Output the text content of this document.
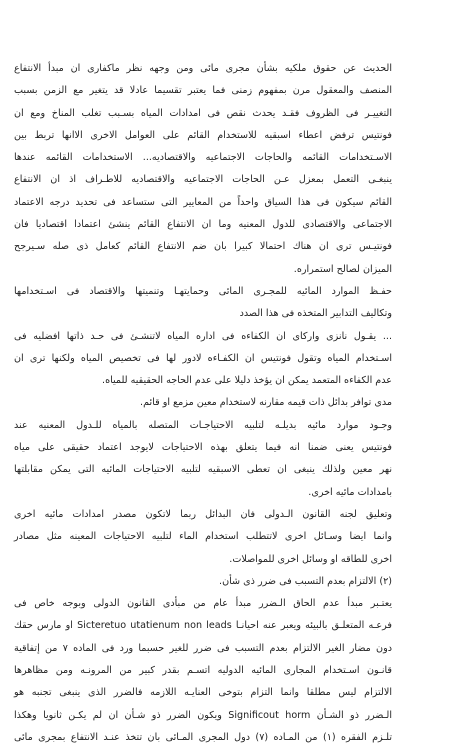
الحديث عن حقوق ملكيه بشأن مجرى مائى ومن وجهه نظر ماكفارى ان مبدأ الانتفاع
المنصف والمعقول مرن بمفهوم زمنى فما يعتبر تقسيما عادلا قد يتغير مع الزمن بسبب
التغييـر فى الظروف فقـد يحدث نقص فى امدادات المياه بسـبب تغلب المناخ ومع ان
فونتيس ترفض اعطاء اسبقيه للاستخدام القائم على العوامل الاخرى الاانها تربط بين
الاسـتخدامات القائمه والحاجات الاجتماعيه والاقتصاديه... الاستخدامات القائمه عندها
ينبغـى التعمل بمعزل عـن الحاجات الاجتماعيه والاقتصاديه للاطـراف اذ ان الانتفاع
القائم سيكون فى هذا السياق واحداً من المعايير التى ستساعد فى تحديد درجه الاعتماد
الاجتماعى والاقتصادى للدول المعنيه وما ان الانتفاع القائم ينشئ اعتمادا اقتصاديا فان
فونتيـس ترى ان هناك احتمالا كبيرا بان ضم الانتفاع القائم كعامل ذى صله سـيرجح
الميزان لصالح استمراره.
حفـظ الموارد المائيه للمجـرى المائى وحمايتهـا وتنميتها والاقتصاد فى اسـتخدامها
وتكاليف التدابير المتخذه فى هذا الصدد
... يقـول نانزى واركاى ان الكفاءه فى اداره المياه لاتنشـئ فى حـد ذاتها افضليه فى
اسـتخدام المياه وتقول فونتيس ان الكفـاءه لادور لها فى تخصيص المياه ولكنها ترى ان
عدم الكفاءه المتعمد يمكن ان يؤخذ دليلا على عدم الحاجه الحقيقيه للمياه.
مدى توافر بدائل ذات قيمه مقارنه لاستخدام معين مزمع او قائم.
وجـود موارد مائيه بديلـه لتلبيه الاحتياجـات المتصله بالمياه للـدول المعنيه عند
فونتيس يعنى ضمنا انه فيما يتعلق بهذه الاحتياجات لايوجد اعتماد حقيقى على مياه
نهر معين ولذلك ينبغى ان تعطى الاسبقيه لتلبيه الاحتياجات المائيه التى يمكن مقابلتها
بامدادات مائيه اخرى.
وتعليق لجنه القانون الـدولى فان البدائل ربما لاتكون مصدر امدادات مائيه اخرى
وانما ايضا وسـائل اخرى لاتتطلب استخدام الماء لتلبيه الاحتياجات المعينه مثل مصادر
اخرى للطاقه او وسائل اخرى للمواصلات.
(٢) الالتزام بعدم التسبب فى ضرر ذى شأن.
يعتـبر مبدأ عدم الحاق الـضرر مبدأ عام من مبأدى القانون الدولى وبوجه خاص فى
فرعـه المتعلـق بالبيئه ويعبر عنه احيانـا Sicteretuo utatienum non leads او مارس حقك
دون مضار الغير الالتزام بعدم التسبب فى ضرر للغير حسبما ورد فى الماده ٧ من إتفاقية
قانـون اسـتخدام المجارى المائيه الدوليه اتسـم بقدر كبير من المرونـه ومن مظاهرها
الالتزام ليس مطلقا وانما التزام بتوخى العنايـه اللازمه فالضرر الذى ينبغى تجنبه هو
الـضرر ذو الشـأن Significout horm ويكون الضرر ذو شـأن ان لم يكـن ثانويا وهكذا
تلـزم الفقره (١) من المـاده (٧) دول المجرى المـائى بان تتخذ عنـد الانتفاع بمجرى مائى
